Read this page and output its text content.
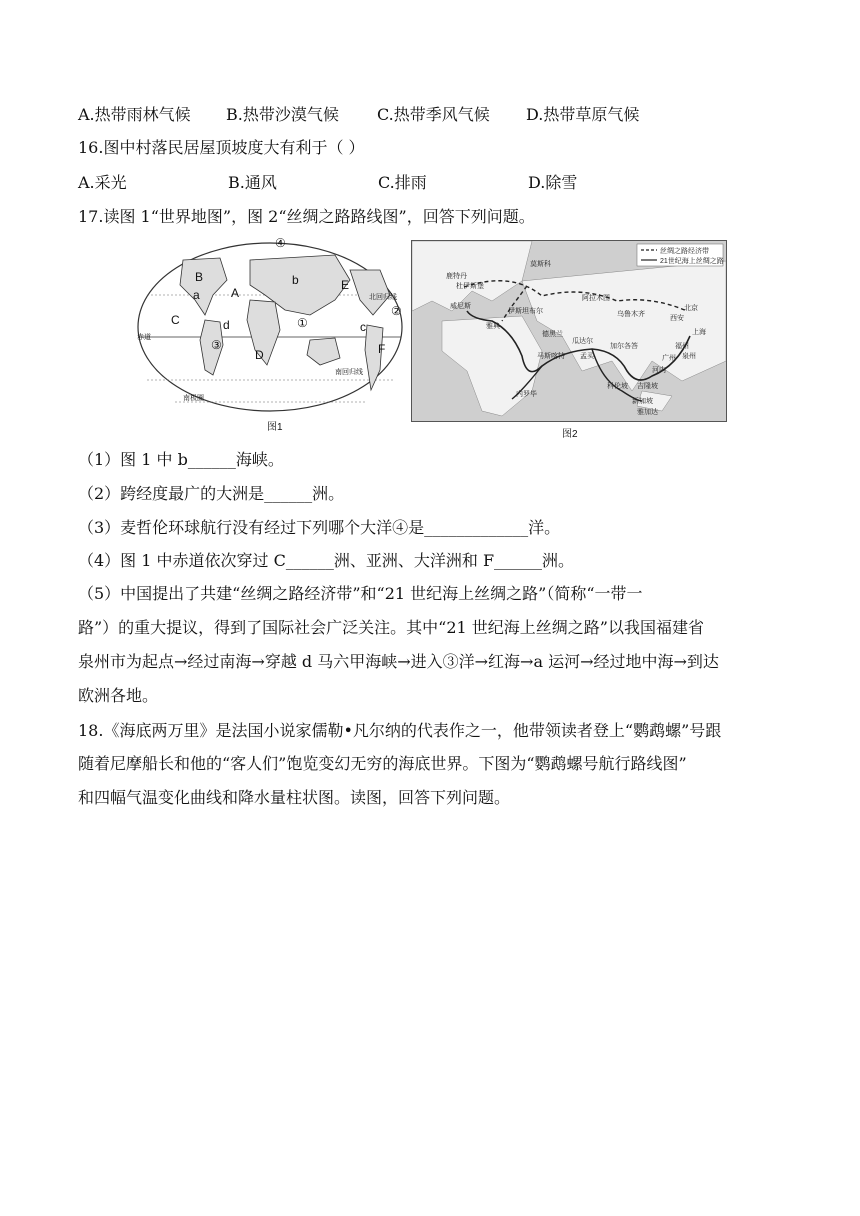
A.热带雨林气候	B.热带沙漠气候	C.热带季风气候	D.热带草原气候
16.图中村落民居屋顶坡度大有利于（ ）
A.采光	B.通风	C.排雨	D.除雪
17.读图 1“世界地图”，图 2“丝绸之路路线图”，回答下列问题。
④
B
a	A
b	E
北回归线
C	d	①	c
②
赤道
③
D	F
南回归线
南极圈
图1
丝绸之路经济带
21世纪海上丝绸之路
莫斯科
鹿特丹
杜伊斯堡
威尼斯
伊斯坦布尔
雅典
德黑兰
阿拉木图
乌鲁木齐
西安
北京
上海
福州
泉州
广州
河内
瓜达尔
加尔各答
孟买
马斯喀特
科伦坡 吉隆坡
新加坡
雅加达
内罗毕
图2
（1）图 1 中 b______海峡。
（2）跨经度最广的大洲是______洲。
（3）麦哲伦环球航行没有经过下列哪个大洋④是_____________洋。
（4）图 1 中赤道依次穿过 C______洲、亚洲、大洋洲和 F______洲。
（5）中国提出了共建“丝绸之路经济带”和“21 世纪海上丝绸之路”（简称“一带一
路”）的重大提议，得到了国际社会广泛关注。其中“21 世纪海上丝绸之路”以我国福建省
泉州市为起点→经过南海→穿越 d 马六甲海峡→进入③洋→红海→a 运河→经过地中海→到达
欧洲各地。
18.《海底两万里》是法国小说家儒勒•凡尔纳的代表作之一，他带领读者登上“鹦鹉螺”号跟
随着尼摩船长和他的“客人们”饱览变幻无穷的海底世界。下图为“鹦鹉螺号航行路线图”
和四幅气温变化曲线和降水量柱状图。读图，回答下列问题。
